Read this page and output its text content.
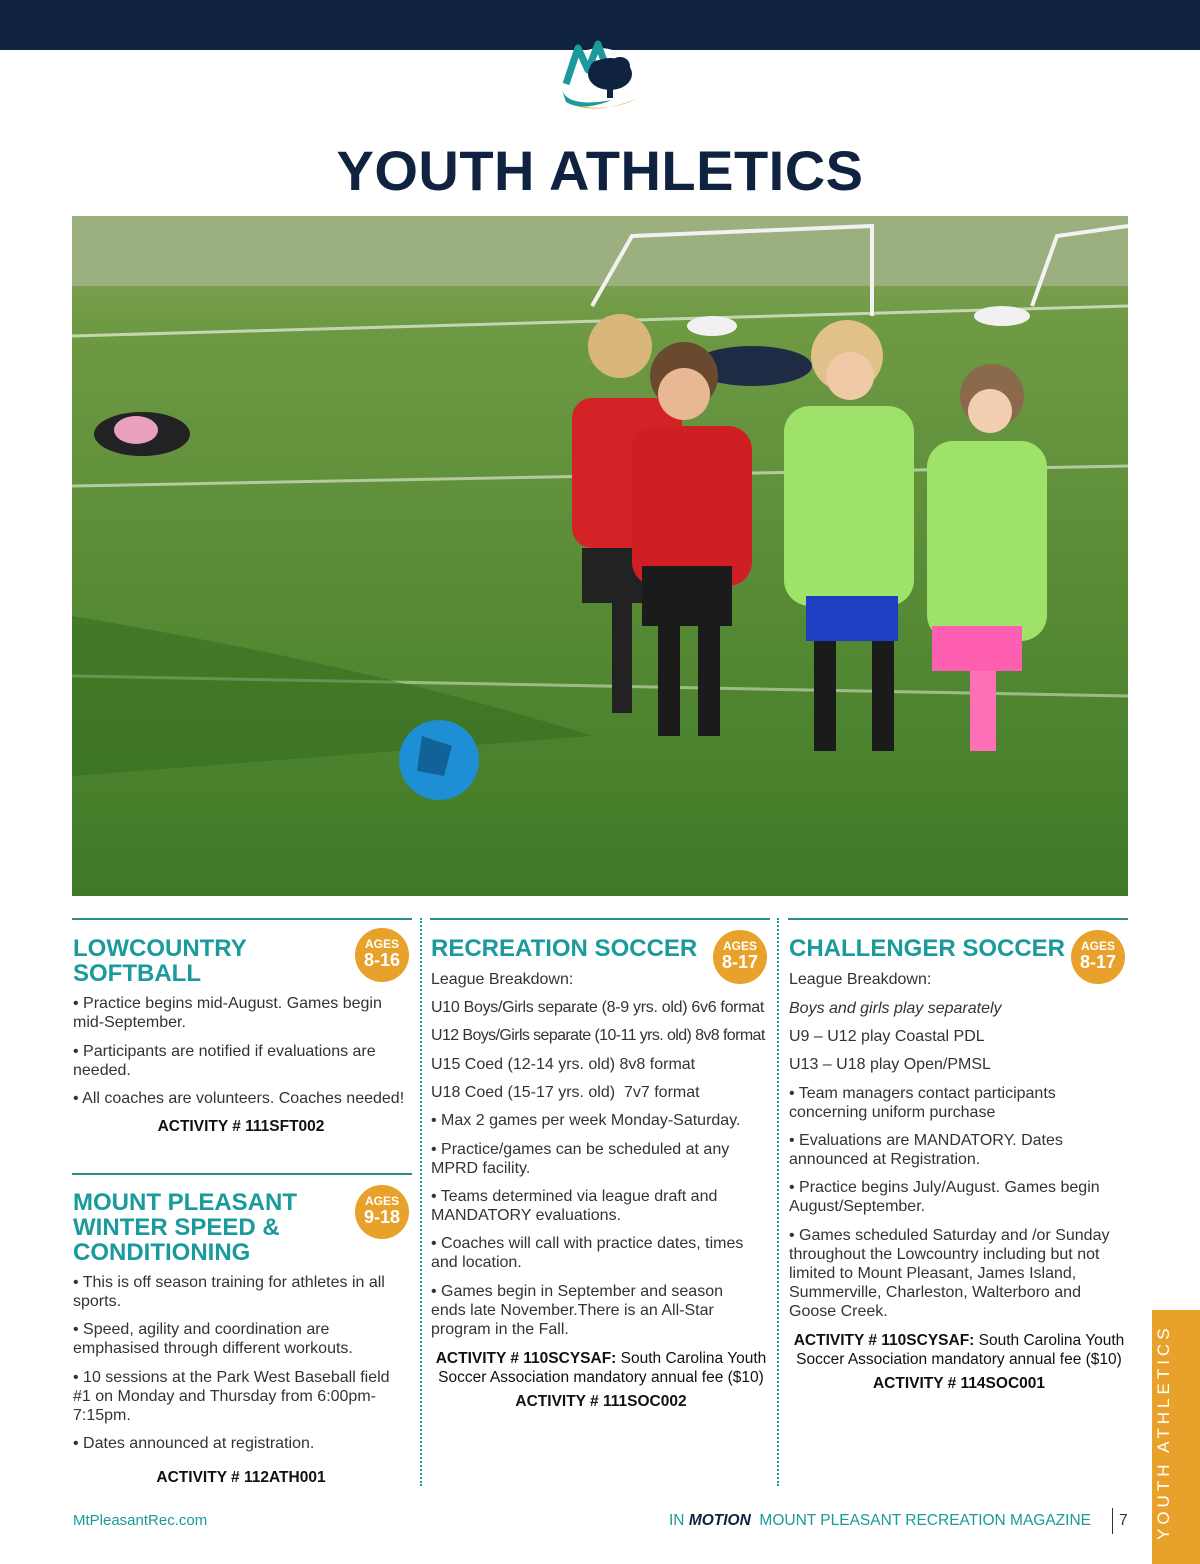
YOUTH ATHLETICS
LOWCOUNTRY
SOFTBALL
AGES
8-16

• Practice begins mid-August. Games begin mid-September.

• Participants are notified if evaluations are needed.

• All coaches are volunteers. Coaches needed!

ACTIVITY # 111SFT002

MOUNT PLEASANT
WINTER SPEED &
CONDITIONING
AGES
9-18

• This is off season training for athletes in all sports.

• Speed, agility and coordination are emphasised through different workouts.

• 10 sessions at the Park West Baseball field #1 on Monday and Thursday from 6:00pm-7:15pm.

• Dates announced at registration.

ACTIVITY # 112ATH001

RECREATION SOCCER	AGES
8-17

League Breakdown:

U10 Boys/Girls separate (8-9 yrs. old) 6v6 format

U12 Boys/Girls separate (10-11 yrs. old) 8v8 format

U15 Coed (12-14 yrs. old) 8v8 format

U18 Coed (15-17 yrs. old)  7v7 format

• Max 2 games per week Monday-Saturday.

• Practice/games can be scheduled at any MPRD facility.

• Teams determined via league draft and MANDATORY evaluations.

• Coaches will call with practice dates, times and location.

• Games begin in September and season ends late November.There is an All-Star program in the Fall.

ACTIVITY # 110SCYSAF: South Carolina Youth Soccer Association mandatory annual fee ($10)

ACTIVITY # 111SOC002

CHALLENGER SOCCER	AGES
8-17

League Breakdown:

Boys and girls play separately

U9 – U12 play Coastal PDL

U13 – U18 play Open/PMSL

• Team managers contact participants concerning uniform purchase

• Evaluations are MANDATORY. Dates announced at Registration.

• Practice begins July/August. Games begin August/September.

• Games scheduled Saturday and /or Sunday throughout the Lowcountry including but not limited to Mount Pleasant, James Island, Summerville, Charleston, Walterboro and Goose Creek.

ACTIVITY # 110SCYSAF: South Carolina Youth Soccer Association mandatory annual fee ($10)

ACTIVITY # 114SOC001	YOUTH ATHLETICS
MtPleasantRec.com	IN MOTION  MOUNT PLEASANT RECREATION MAGAZINE 7
